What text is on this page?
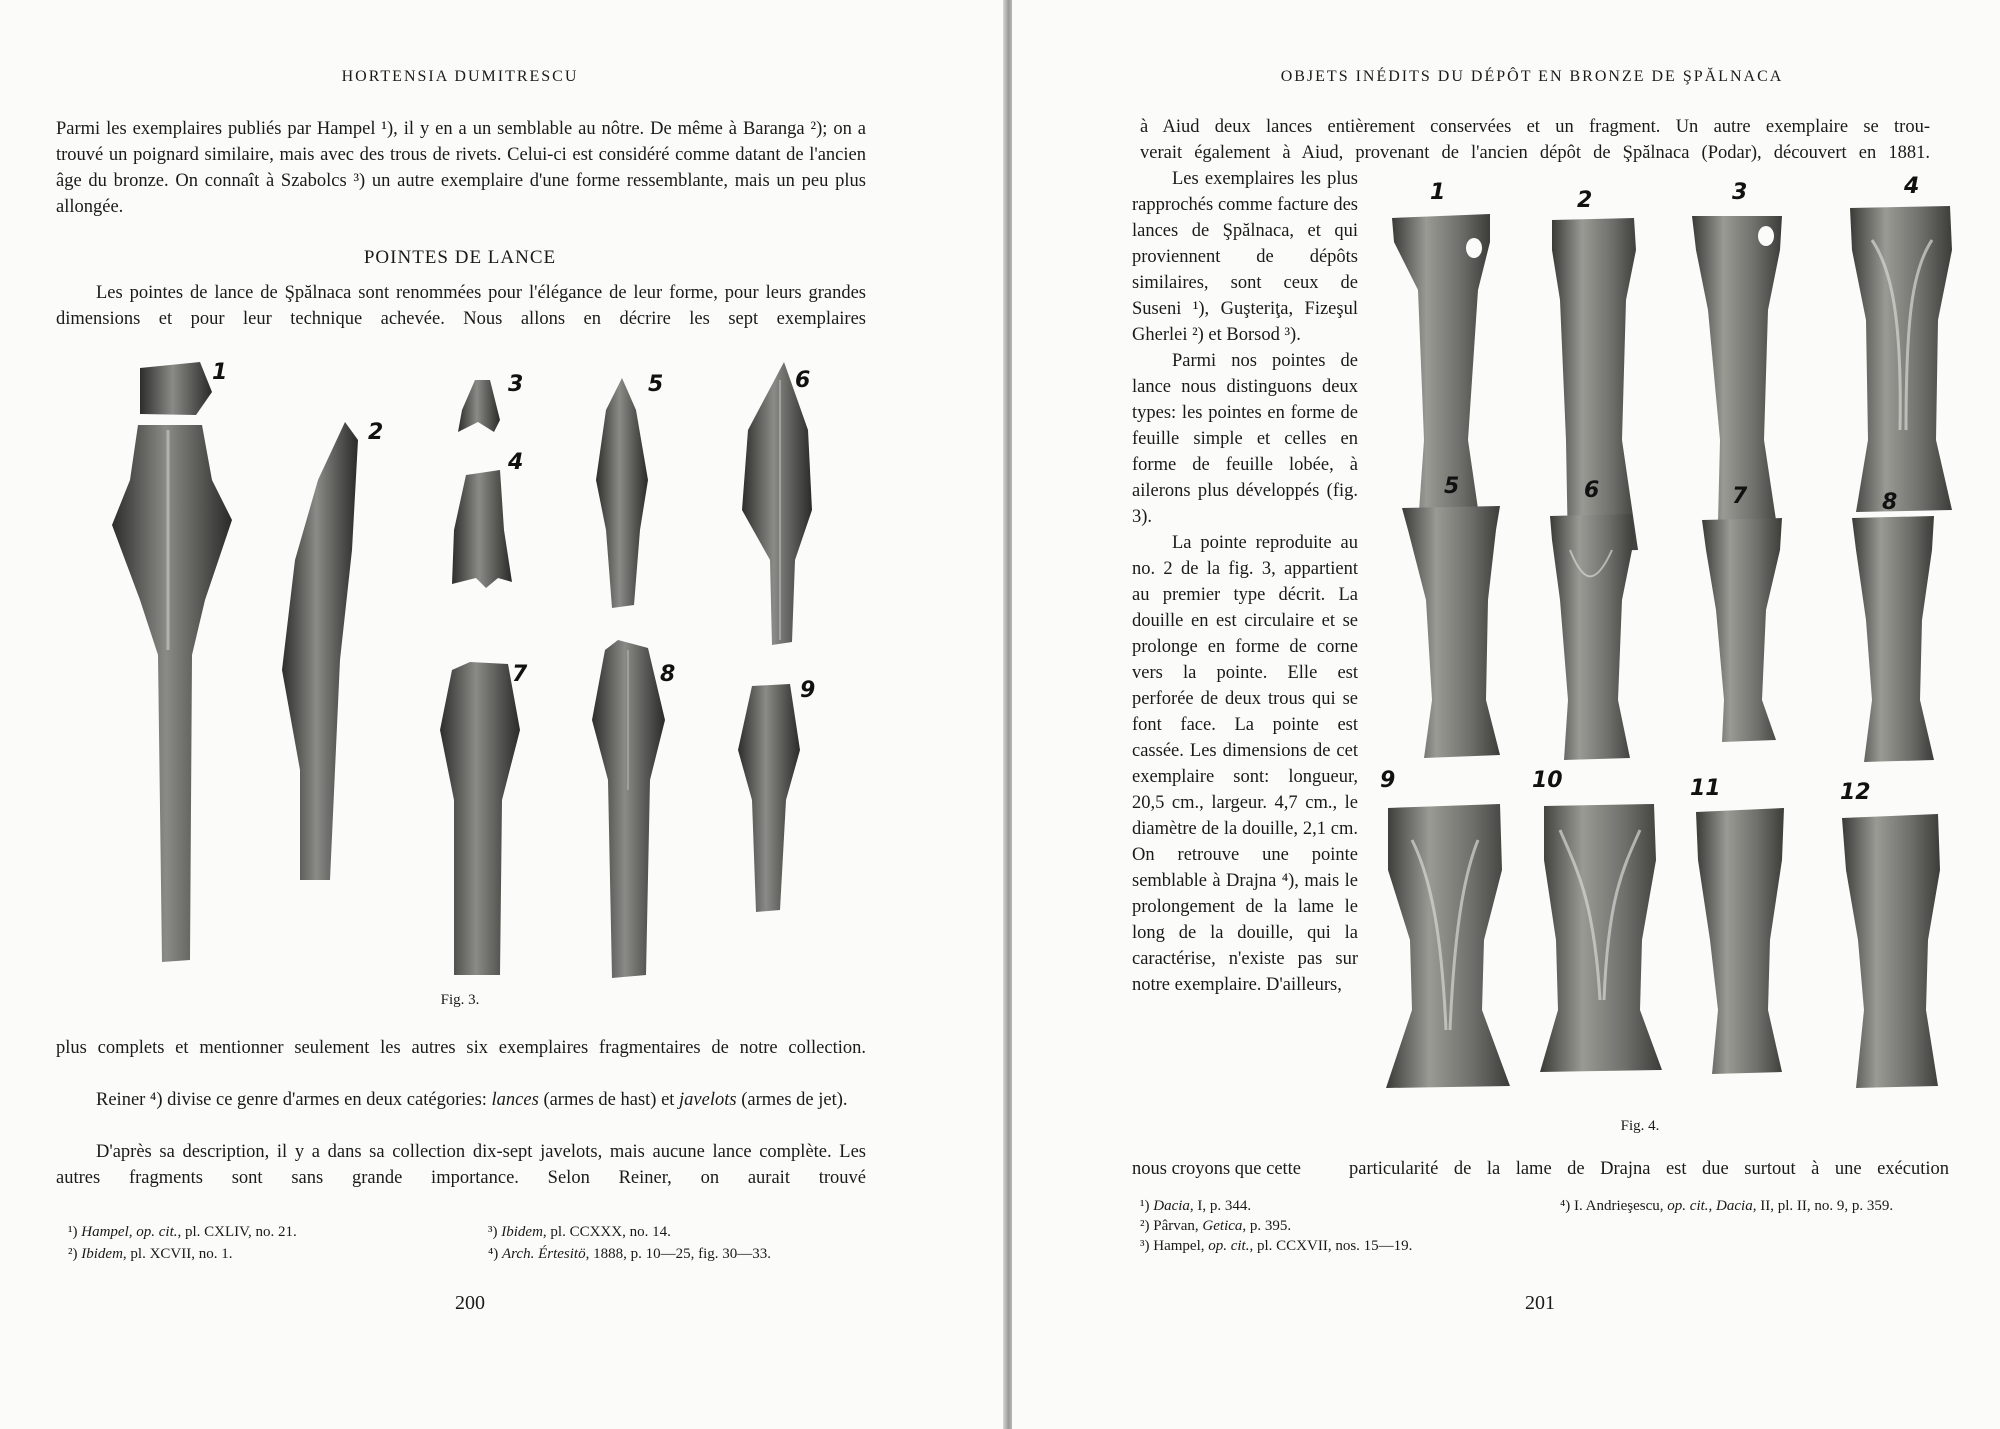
HORTENSIA DUMITRESCU

Parmi les exemplaires publiés par Hampel ¹), il y en a un semblable au nôtre. De même à Baranga ²); on a trouvé un poignard similaire, mais avec des trous de rivets. Celui-ci est considéré comme datant de l'ancien âge du bronze. On connaît à Szabolcs ³) un autre exemplaire d'une forme ressemblante, mais un peu plus allongée.

POINTES DE LANCE

Les pointes de lance de Şpălnaca sont renommées pour l'élégance de leur forme, pour leurs grandes dimensions et pour leur technique achevée. Nous allons en décrire les sept exemplaires

1
2
3
4
5	6
7	8
9
Fig. 3.

plus complets et mentionner seulement les autres six exemplaires fragmentaires de notre collection.

Reiner ⁴) divise ce genre d'armes en deux catégories: lances (armes de hast) et javelots (armes de jet).

D'après sa description, il y a dans sa collection dix-sept javelots, mais aucune lance complète. Les autres fragments sont sans grande importance. Selon Reiner, on aurait trouvé

¹) Hampel, op. cit., pl. CXLIV, no. 21.

²) Ibidem, pl. XCVII, no. 1.

³) Ibidem, pl. CCXXX, no. 14.

⁴) Arch. Értesitö, 1888, p. 10—25, fig. 30—33.

200
OBJETS INÉDITS DU DÉPÔT EN BRONZE DE ŞPĂLNACA

à Aiud deux lances entièrement conservées et un fragment. Un autre exemplaire se trou-

verait également à Aiud, provenant de l'ancien dépôt de Şpălnaca (Podar), découvert en 1881.

Les exemplaires les plus rapprochés comme facture des lances de Şpălnaca, et qui proviennent de dépôts similaires, sont ceux de Suseni ¹), Guşteriţa, Fizeşul Gherlei ²) et Borsod ³).

Parmi nos pointes de lance nous distinguons deux types: les pointes en forme de feuille simple et celles en forme de feuille lobée, à ailerons plus développés (fig. 3).

La pointe reproduite au no. 2 de la fig. 3, appartient au premier type décrit. La douille en est circulaire et se prolonge en forme de corne vers la pointe. Elle est perforée de deux trous qui se font face. La pointe est cassée. Les dimensions de cet exemplaire sont: longueur, 20,5 cm., largeur. 4,7 cm., le diamètre de la douille, 2,1 cm. On retrouve une pointe semblable à Drajna ⁴), mais le prolongement de la lame le long de la douille, qui la caractérise, n'existe pas sur notre exemplaire. D'ailleurs,

1	2	3	4
5	6	7	8
9	10	11	12
Fig. 4.
nous croyons que cette	particularité de la lame de Drajna est due surtout à une exécution

¹) Dacia, I, p. 344.

²) Pârvan, Getica, p. 395.

³) Hampel, op. cit., pl. CCXVII, nos. 15—19.

⁴) I. Andrieşescu, op. cit., Dacia, II, pl. II, no. 9, p. 359.

201
